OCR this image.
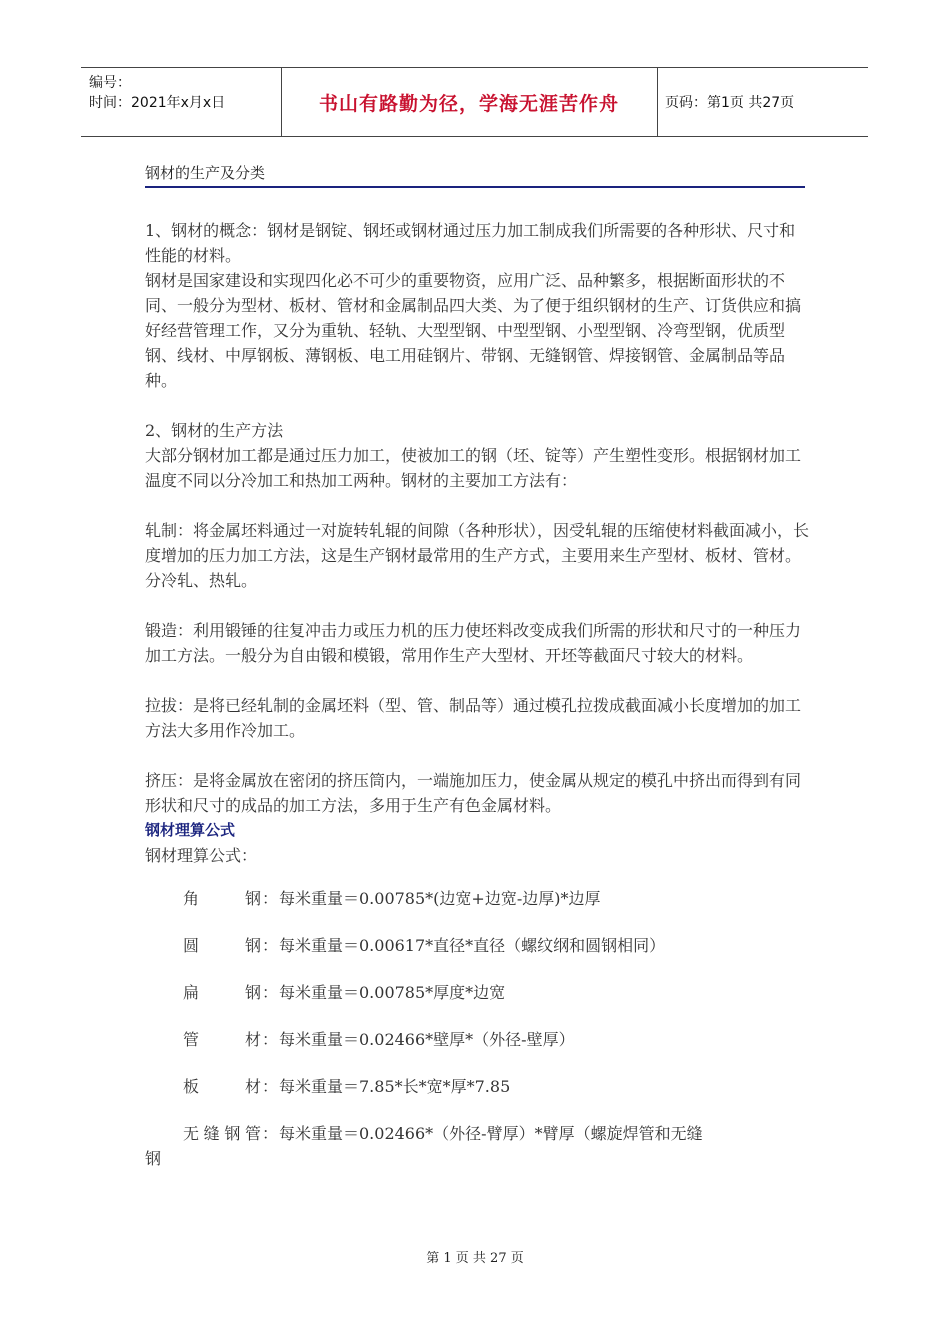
编号：
时间：2021年x月x日	书山有路勤为径，学海无涯苦作舟	页码：第1页 共27页
钢材的生产及分类

1、钢材的概念：钢材是钢锭、钢坯或钢材通过压力加工制成我们所需要的各种形状、尺寸和性能的材料。

钢材是国家建设和实现四化必不可少的重要物资，应用广泛、品种繁多，根据断面形状的不同、一般分为型材、板材、管材和金属制品四大类、为了便于组织钢材的生产、订货供应和搞好经营管理工作，又分为重轨、轻轨、大型型钢、中型型钢、小型型钢、冷弯型钢，优质型钢、线材、中厚钢板、薄钢板、电工用硅钢片、带钢、无缝钢管、焊接钢管、金属制品等品种。

2、钢材的生产方法

大部分钢材加工都是通过压力加工，使被加工的钢（坯、锭等）产生塑性变形。根据钢材加工温度不同以分冷加工和热加工两种。钢材的主要加工方法有：

轧制：将金属坯料通过一对旋转轧辊的间隙（各种形状），因受轧辊的压缩使材料截面减小，长度增加的压力加工方法，这是生产钢材最常用的生产方式，主要用来生产型材、板材、管材。分冷轧、热轧。

锻造：利用锻锤的往复冲击力或压力机的压力使坯料改变成我们所需的形状和尺寸的一种压力加工方法。一般分为自由锻和模锻，常用作生产大型材、开坯等截面尺寸较大的材料。

拉拔：是将已经轧制的金属坯料（型、管、制品等）通过模孔拉拨成截面减小长度增加的加工方法大多用作冷加工。

挤压：是将金属放在密闭的挤压筒内，一端施加压力，使金属从规定的模孔中挤出而得到有同形状和尺寸的成品的加工方法，多用于生产有色金属材料。

钢材理算公式

钢材理算公式：

角钢 ： 每米重量＝0.00785*(边宽+边宽-边厚)*边厚
圆钢 ： 每米重量＝0.00617*直径*直径（螺纹纲和圆钢相同）
扁钢 ： 每米重量＝0.00785*厚度*边宽
管材 ： 每米重量＝0.02466*壁厚*（外径-壁厚）
板材 ： 每米重量＝7.85*长*宽*厚*7.85
无缝钢管 ： 每米重量＝0.02466*（外径-臂厚）*臂厚（螺旋焊管和无缝
钢
第 1 页 共 27 页
